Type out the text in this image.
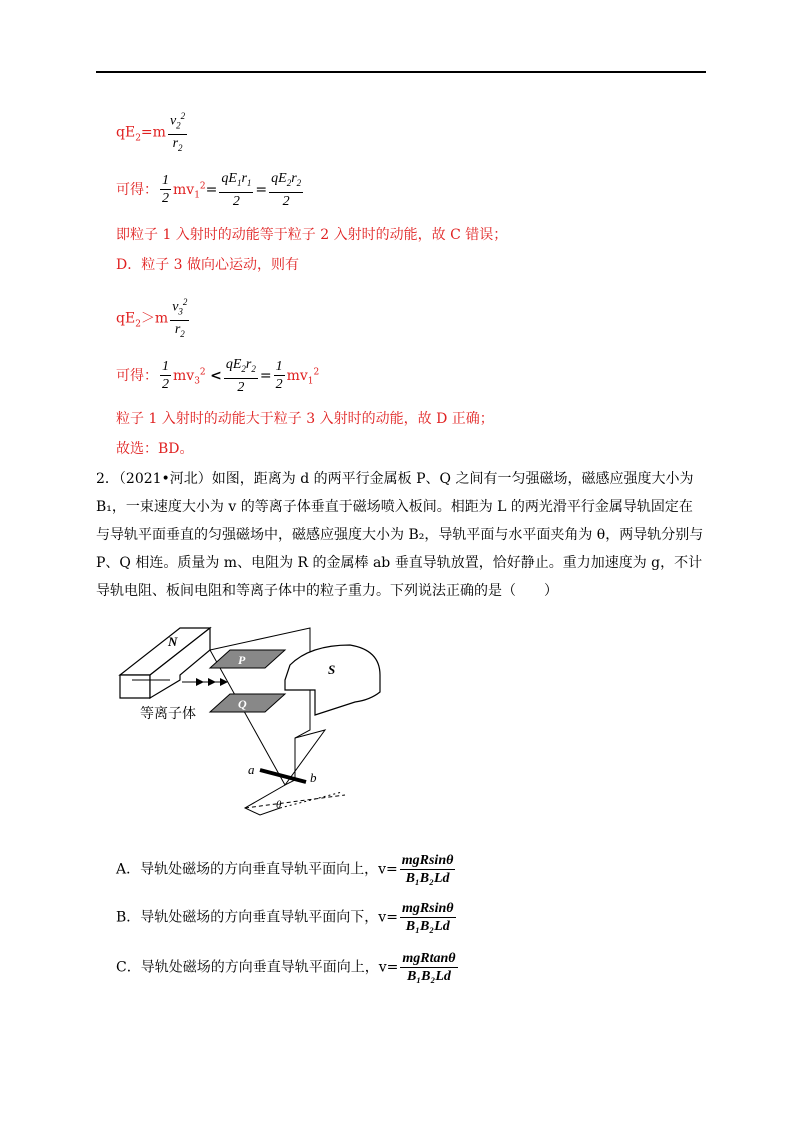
$qE_2=m \frac{v_2^2}{r_2}$
可得： $\frac{1}{2} mv_1^2= \frac{qE_1r_1}{2} = \frac{qE_2r_2}{2}$
即粒子 1 入射时的动能等于粒子 2 入射时的动能，故 C 错误；
D．粒子 3 做向心运动，则有
$qE_2>m \frac{v_3^2}{r_2}$
可得： $\frac{1}{2} mv_3^2 < \frac{qE_2r_2}{2} = \frac{1}{2} mv_1^2$
粒子 1 入射时的动能大于粒子 3 入射时的动能，故 D 正确；
故选：BD。
2．（2021•河北）如图，距离为 d 的两平行金属板 P、Q 之间有一匀强磁场，磁感应强度大小为 B₁，一束速度大小为 v 的等离子体垂直于磁场喷入板间。相距为 L 的两光滑平行金属导轨固定在与导轨平面垂直的匀强磁场中，磁感应强度大小为 B₂，导轨平面与水平面夹角为 θ，两导轨分别与 P、Q 相连。质量为 m、电阻为 R 的金属棒 ab 垂直导轨放置，恰好静止。重力加速度为 g，不计导轨电阻、板间电阻和等离子体中的粒子重力。下列说法正确的是（　　）
N
P
Q
S
a
b
θ
等离子体
A．导轨处磁场的方向垂直导轨平面向上，$v= \frac{\text{mgRsinθ}}{\text{B₁B₂Ld}}$
B．导轨处磁场的方向垂直导轨平面向下，$v= \frac{\text{mgRsinθ}}{\text{B₁B₂Ld}}$
C．导轨处磁场的方向垂直导轨平面向上，$v= \frac{\text{mgRtanθ}}{\text{B₁B₂Ld}}$
